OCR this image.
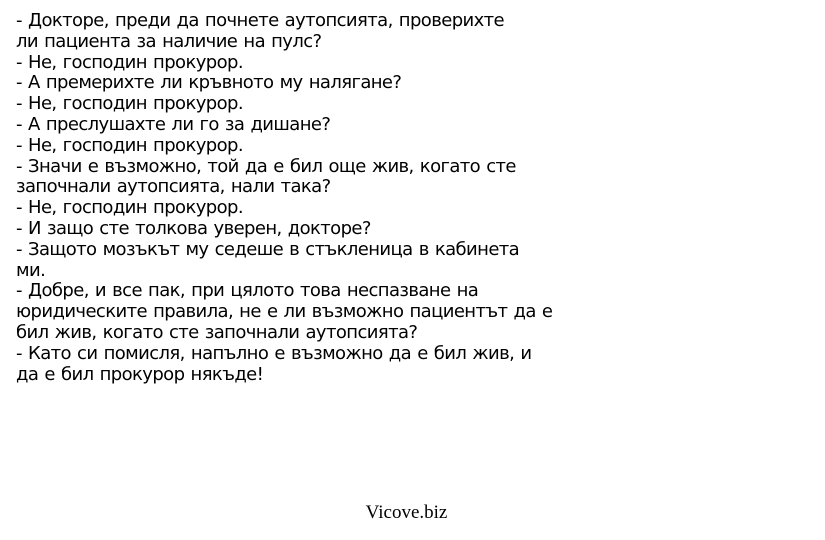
- Докторе, преди да почнете аутопсията, проверихте
ли пациента за наличие на пулс?
- Не, господин прокурор.
- А премерихте ли кръвното му налягане?
- Не, господин прокурор.
- А преслушахте ли го за дишане?
- Не, господин прокурор.
- Значи е възможно, той да е бил още жив, когато сте
започнали аутопсията, нали така?
- Не, господин прокурор.
- И защо сте толкова уверен, докторе?
- Защото мозъкът му седеше в стъкленица в кабинета
ми.
- Добре, и все пак, при цялото това неспазване на
юридическите правила, не е ли възможно пациентът да е
бил жив, когато сте започнали аутопсията?
- Като си помисля, напълно е възможно да е бил жив, и
да е бил прокурор някъде!
Vicove.biz
